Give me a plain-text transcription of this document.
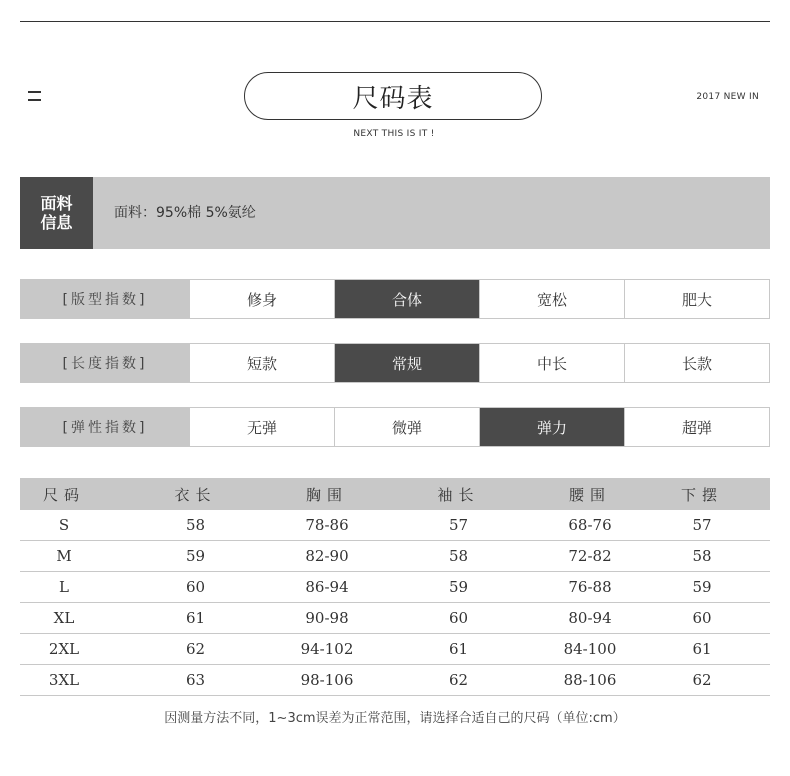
尺码表
NEXT THIS IS IT !
2017 NEW IN
面料
信息	面料：95%棉 5%氨纶
[版型指数]	修身	合体	宽松	肥大
[长度指数]	短款	常规	中长	长款
[弹性指数]	无弹	微弹	弹力	超弹
尺码	衣长	胸围	袖长	腰围	下摆
S	58	78-86	57	68-76	57
M	59	82-90	58	72-82	58
L	60	86-94	59	76-88	59
XL	61	90-98	60	80-94	60
2XL	62	94-102	61	84-100	61
3XL	63	98-106	62	88-106	62
因测量方法不同，1~3cm误差为正常范围，请选择合适自己的尺码（单位:cm）
